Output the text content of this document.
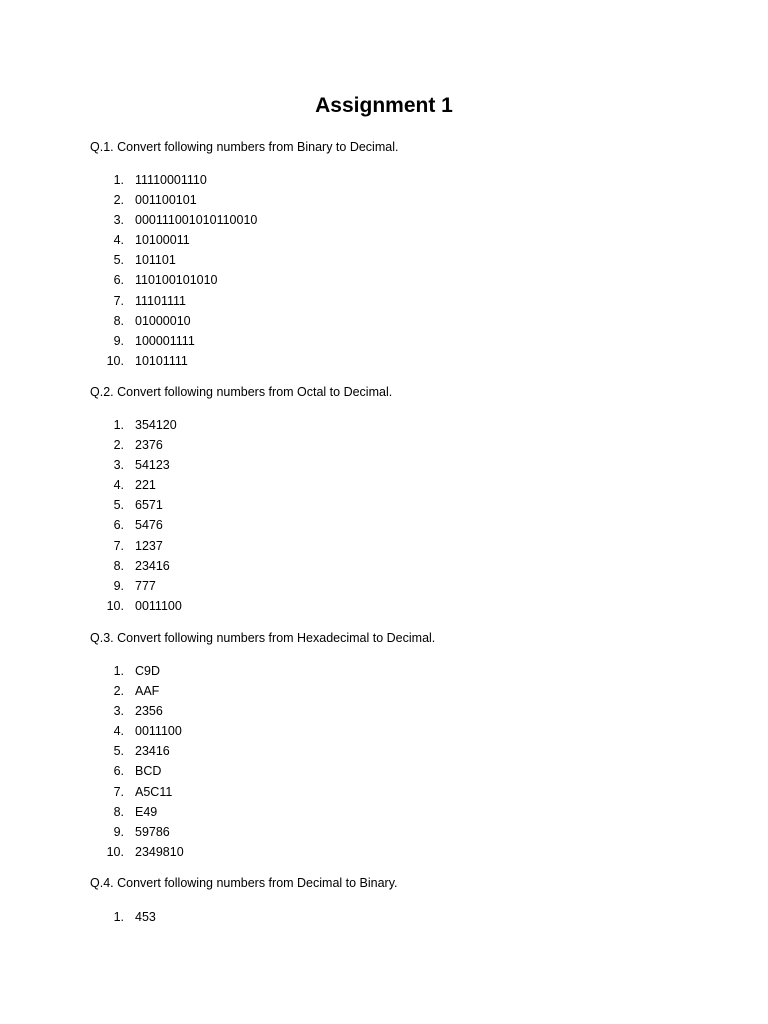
Assignment 1
Q.1. Convert following numbers from Binary to Decimal.
1. 11110001110
2. 001100101
3. 000111001010110010
4. 10100011
5. 101101
6. 110100101010
7. 11101111
8. 01000010
9. 100001111
10. 10101111
Q.2. Convert following numbers from Octal to Decimal.
1. 354120
2. 2376
3. 54123
4. 221
5. 6571
6. 5476
7. 1237
8. 23416
9. 777
10. 0011100
Q.3. Convert following numbers from Hexadecimal to Decimal.
1. C9D
2. AAF
3. 2356
4. 0011100
5. 23416
6. BCD
7. A5C11
8. E49
9. 59786
10. 2349810
Q.4. Convert following numbers from Decimal to Binary.
1. 453
